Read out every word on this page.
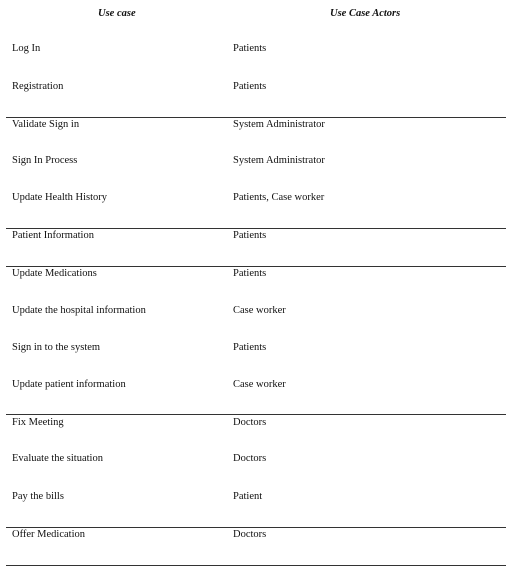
Use case	Use Case Actors
Log In	Patients
Registration	Patients
Validate Sign in	System Administrator
Sign In Process	System Administrator
Update Health History	Patients, Case worker
Patient Information	Patients
Update Medications	Patients
Update the hospital information	Case worker
Sign in to the system	Patients
Update patient information	Case worker
Fix Meeting	Doctors
Evaluate the situation	Doctors
Pay the bills	Patient
Offer Medication	Doctors
